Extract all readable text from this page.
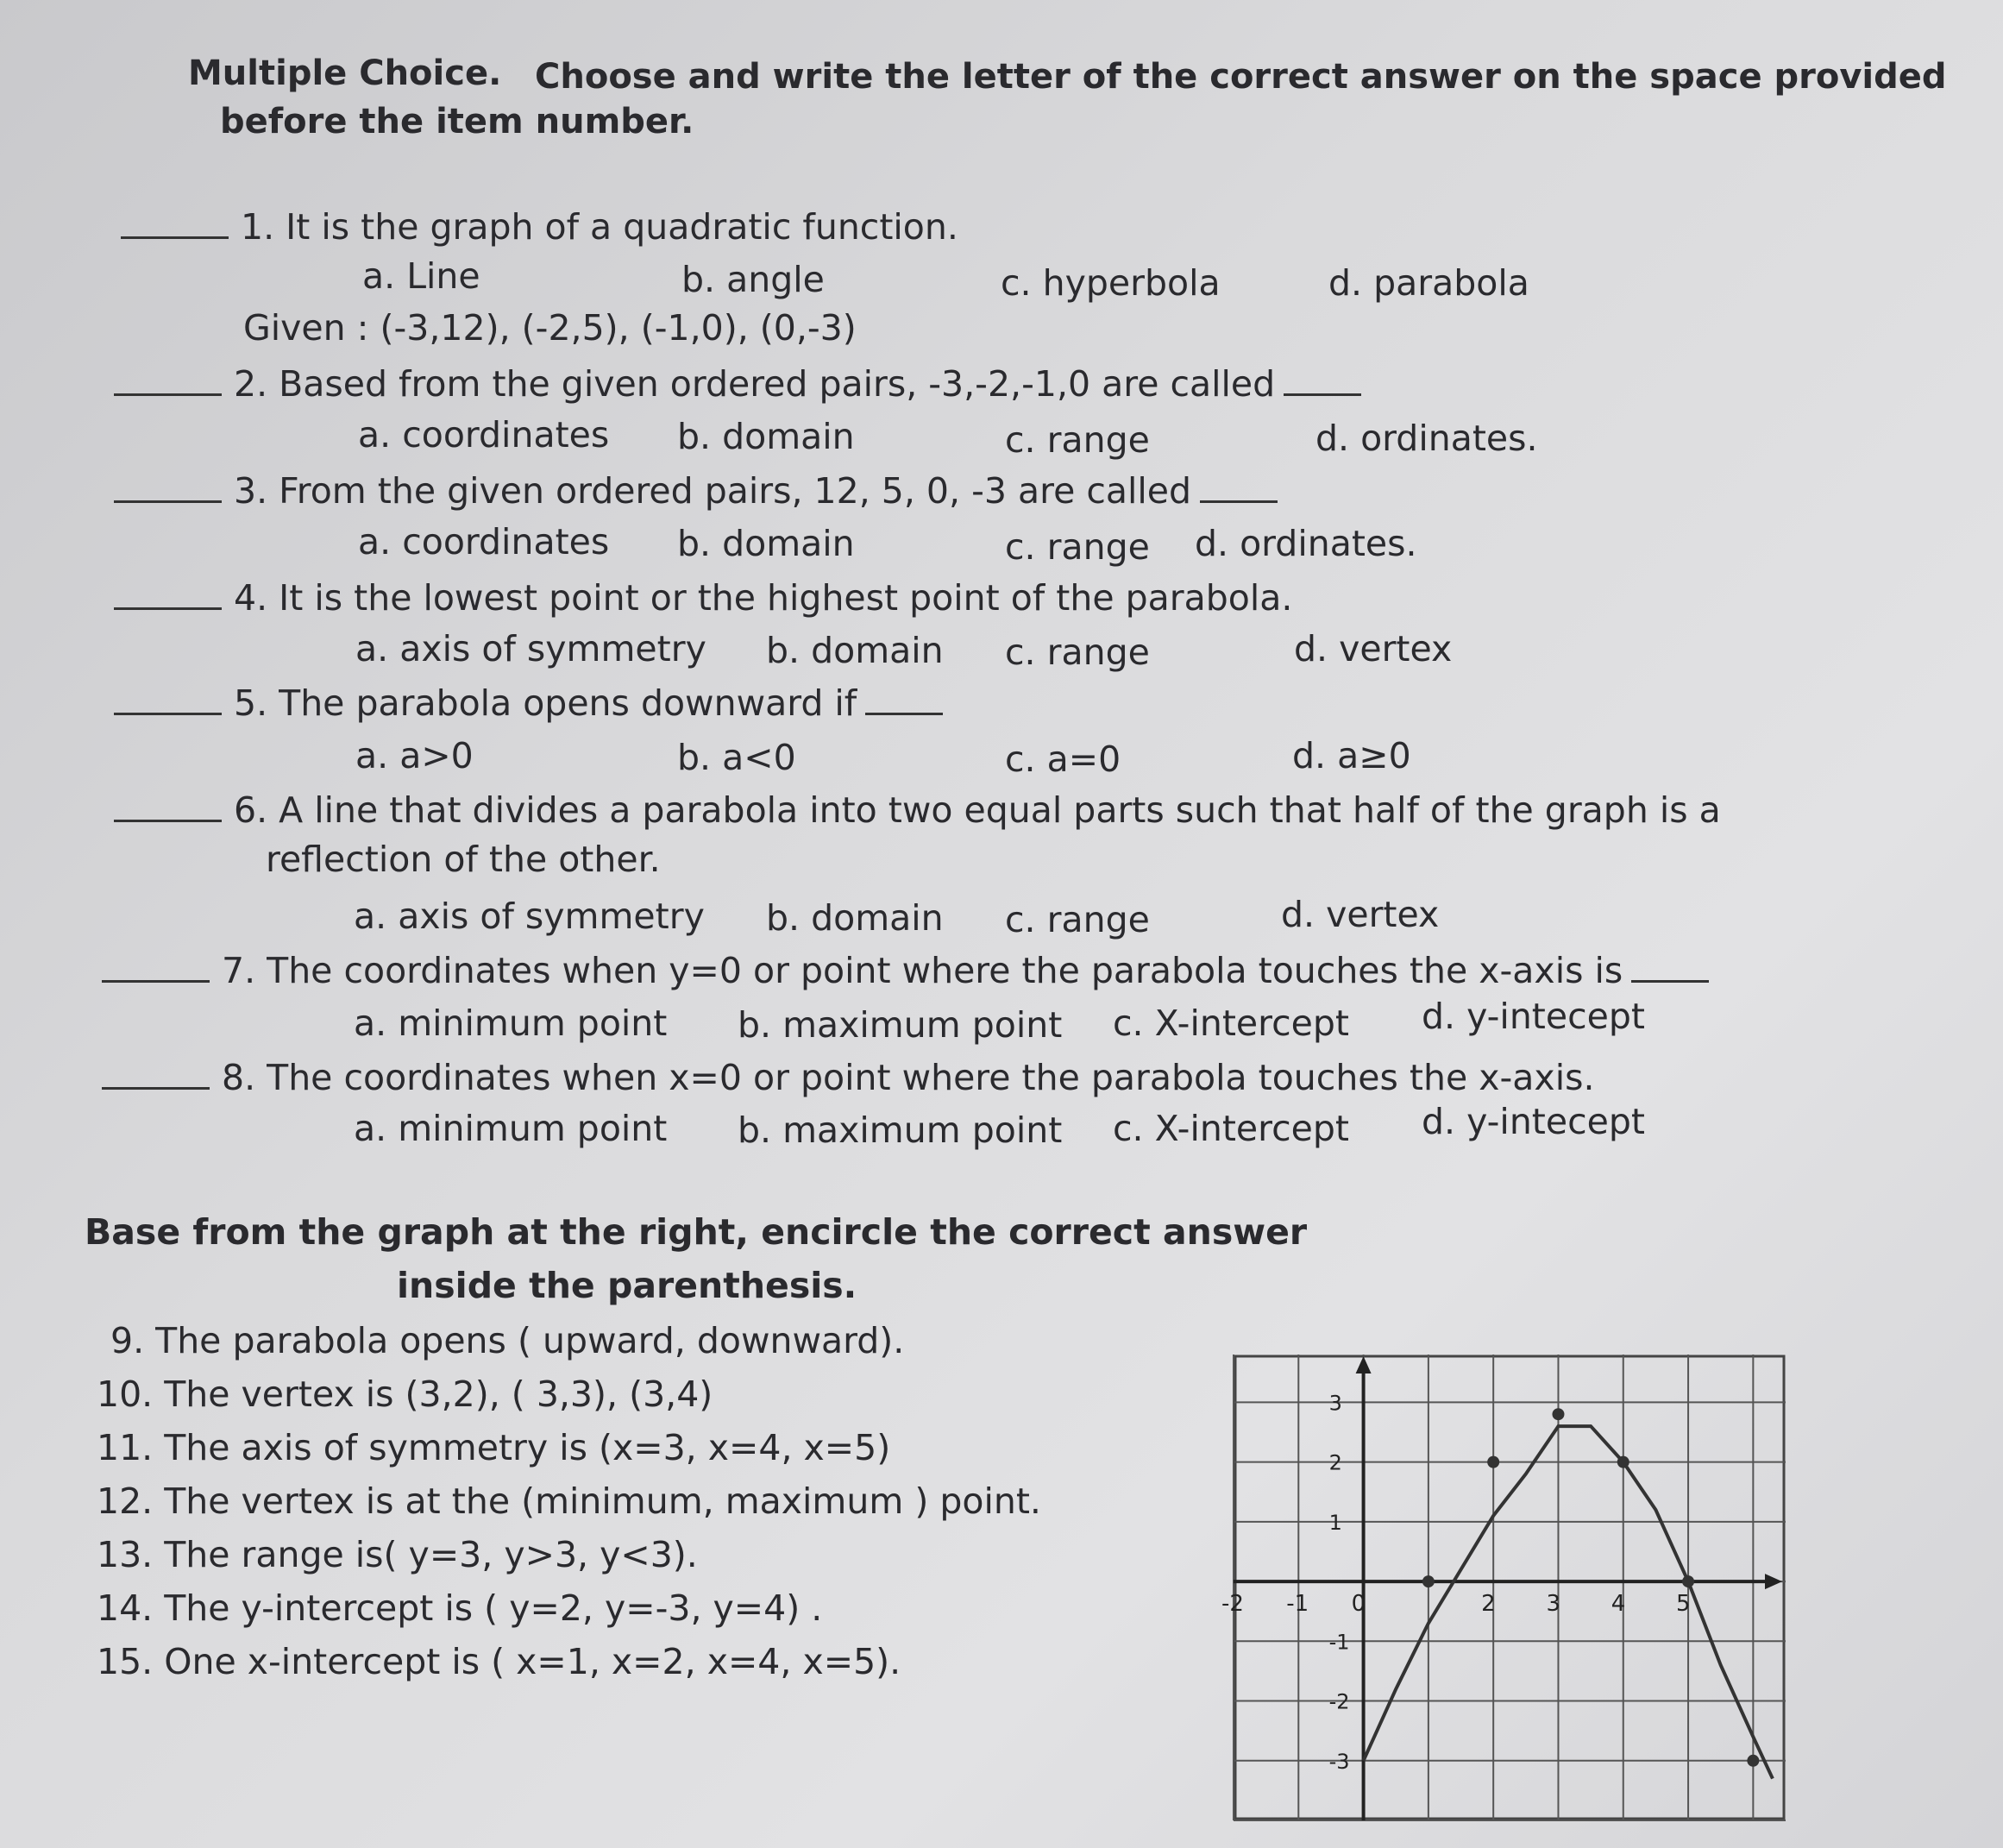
Multiple Choice. Choose and write the letter of the correct answer on the space provided
before the item number.
1. It is the graph of a quadratic function.
a. Line	b. angle	c. hyperbola	d. parabola
Given : (-3,12), (-2,5), (-1,0), (0,-3)
2. Based from the given ordered pairs, -3,-2,-1,0 are called
a. coordinates b. domain	c. range	d. ordinates.
3. From the given ordered pairs, 12, 5, 0, -3 are called
a. coordinates b. domain	c. range d. ordinates.
4. It is the lowest point or the highest point of the parabola.
a. axis of symmetry b. domain c. range	d. vertex
5. The parabola opens downward if
a. a>0	b. a<0	c. a=0	d. a≥0
6. A line that divides a parabola into two equal parts such that half of the graph is a
reflection of the other.
a. axis of symmetry b. domain c. range	d. vertex
7. The coordinates when y=0 or point where the parabola touches the x-axis is
a. minimum point b. maximum point c. X-intercept d. y-intecept
8. The coordinates when x=0 or point where the parabola touches the x-axis.
a. minimum point b. maximum point c. X-intercept d. y-intecept
Base from the graph at the right, encircle the correct answer
inside the parenthesis.
9. The parabola opens ( upward, downward).
10. The vertex is (3,2), ( 3,3), (3,4)
11. The axis of symmetry is (x=3, x=4, x=5)
12. The vertex is at the (minimum, maximum ) point.
13. The range is( y=3, y>3, y<3).
14. The y-intercept is ( y=2, y=-3, y=4) .
15. One x-intercept is ( x=1, x=2, x=4, x=5).
-2 -1 0	2 3 4 5
3
2
1
-1
-2
-3
